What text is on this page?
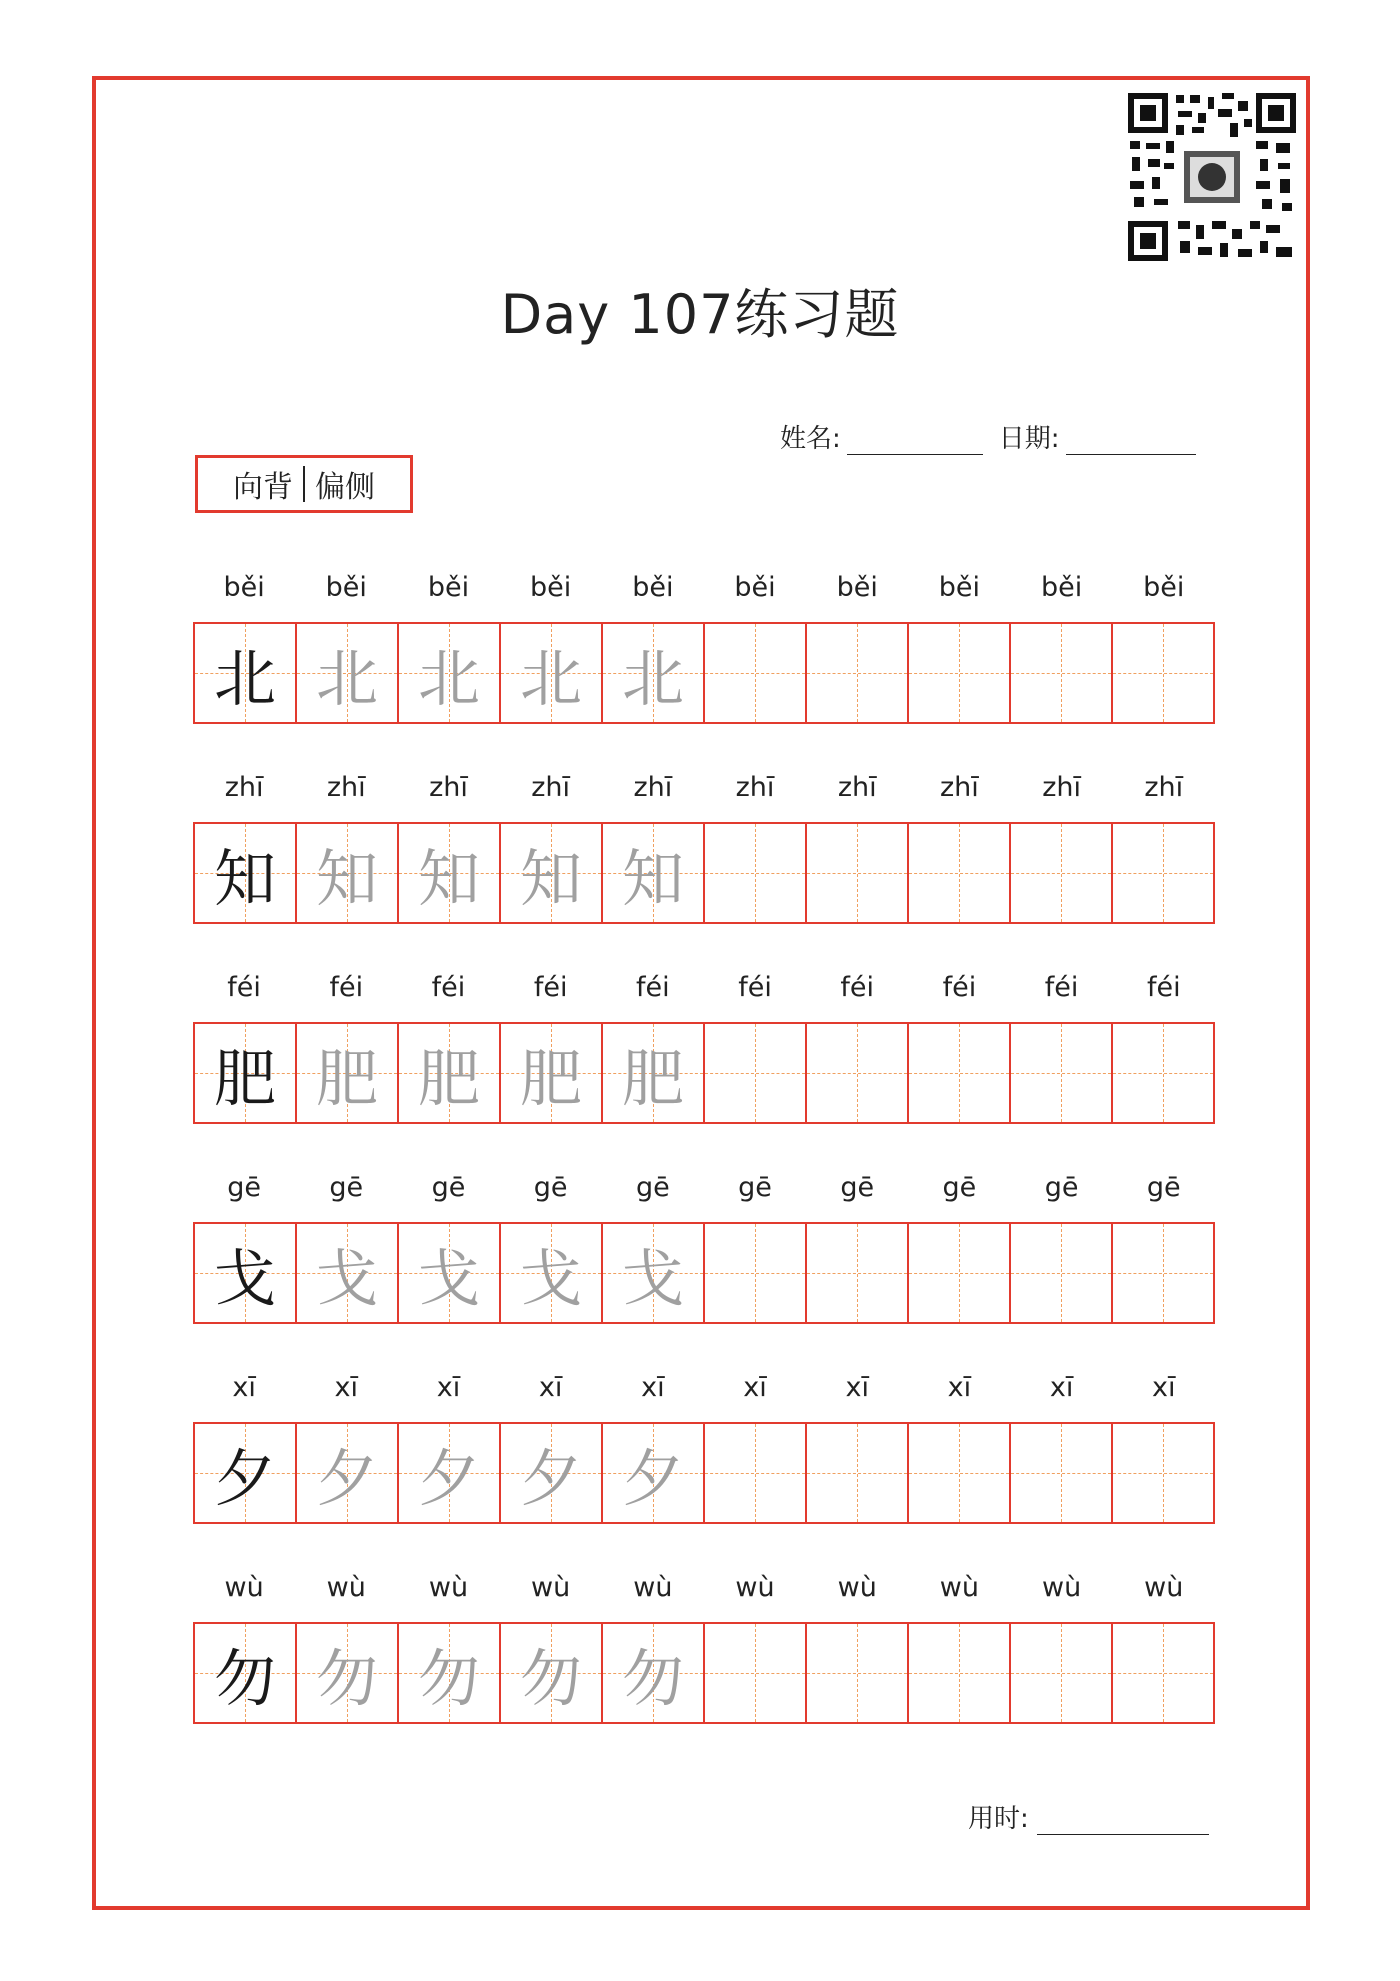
Day 107练习题
姓名:	日期:
向背 偏侧
běi	běi	běi	běi	běi	běi	běi	běi	běi	běi
北 北 北 北 北
zhī	zhī	zhī	zhī	zhī	zhī	zhī	zhī	zhī	zhī
知 知 知 知 知
féi	féi	féi	féi	féi	féi	féi	féi	féi	féi
肥 肥 肥 肥 肥
gē	gē	gē	gē	gē	gē	gē	gē	gē	gē
戈 戈 戈 戈 戈
xī	xī	xī	xī	xī	xī	xī	xī	xī	xī
夕 夕 夕 夕 夕
wù	wù	wù	wù	wù	wù	wù	wù	wù	wù
勿 勿 勿 勿 勿
用时:
